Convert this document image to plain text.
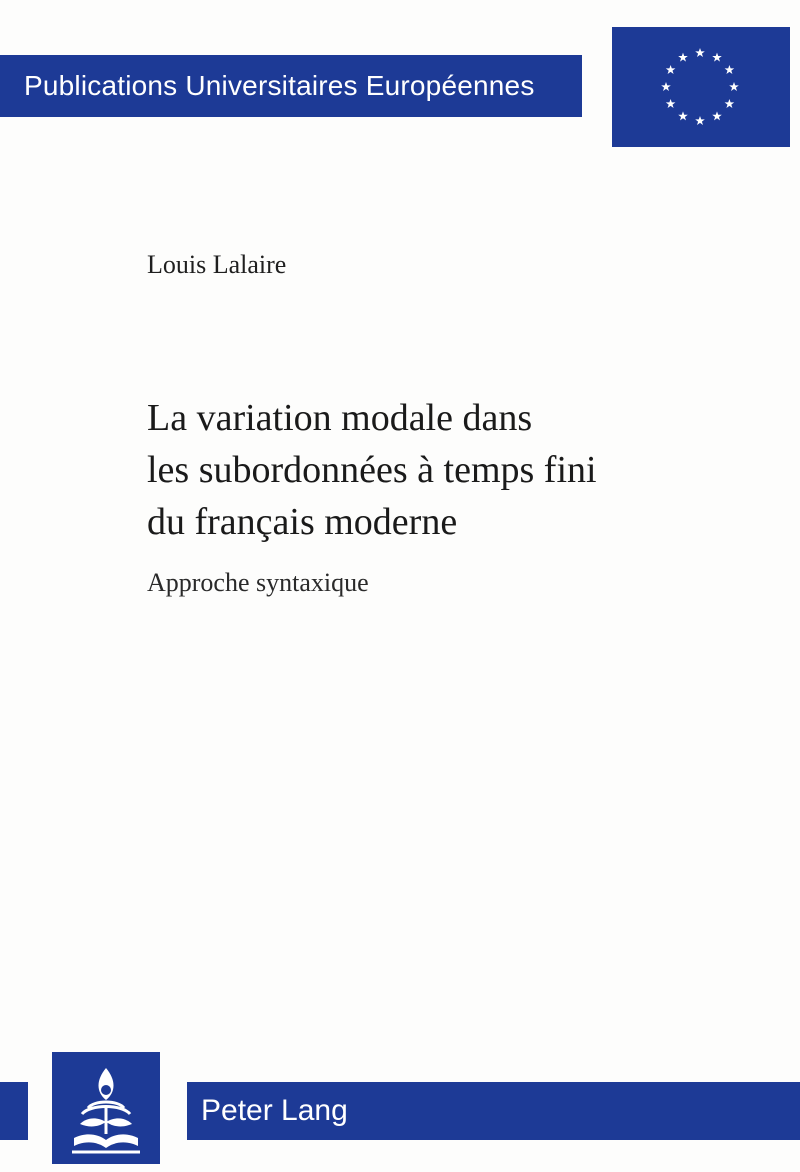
Publications Universitaires Européennes
Louis Lalaire
La variation modale dans
les subordonnées à temps fini
du français moderne
Approche syntaxique
Peter Lang
